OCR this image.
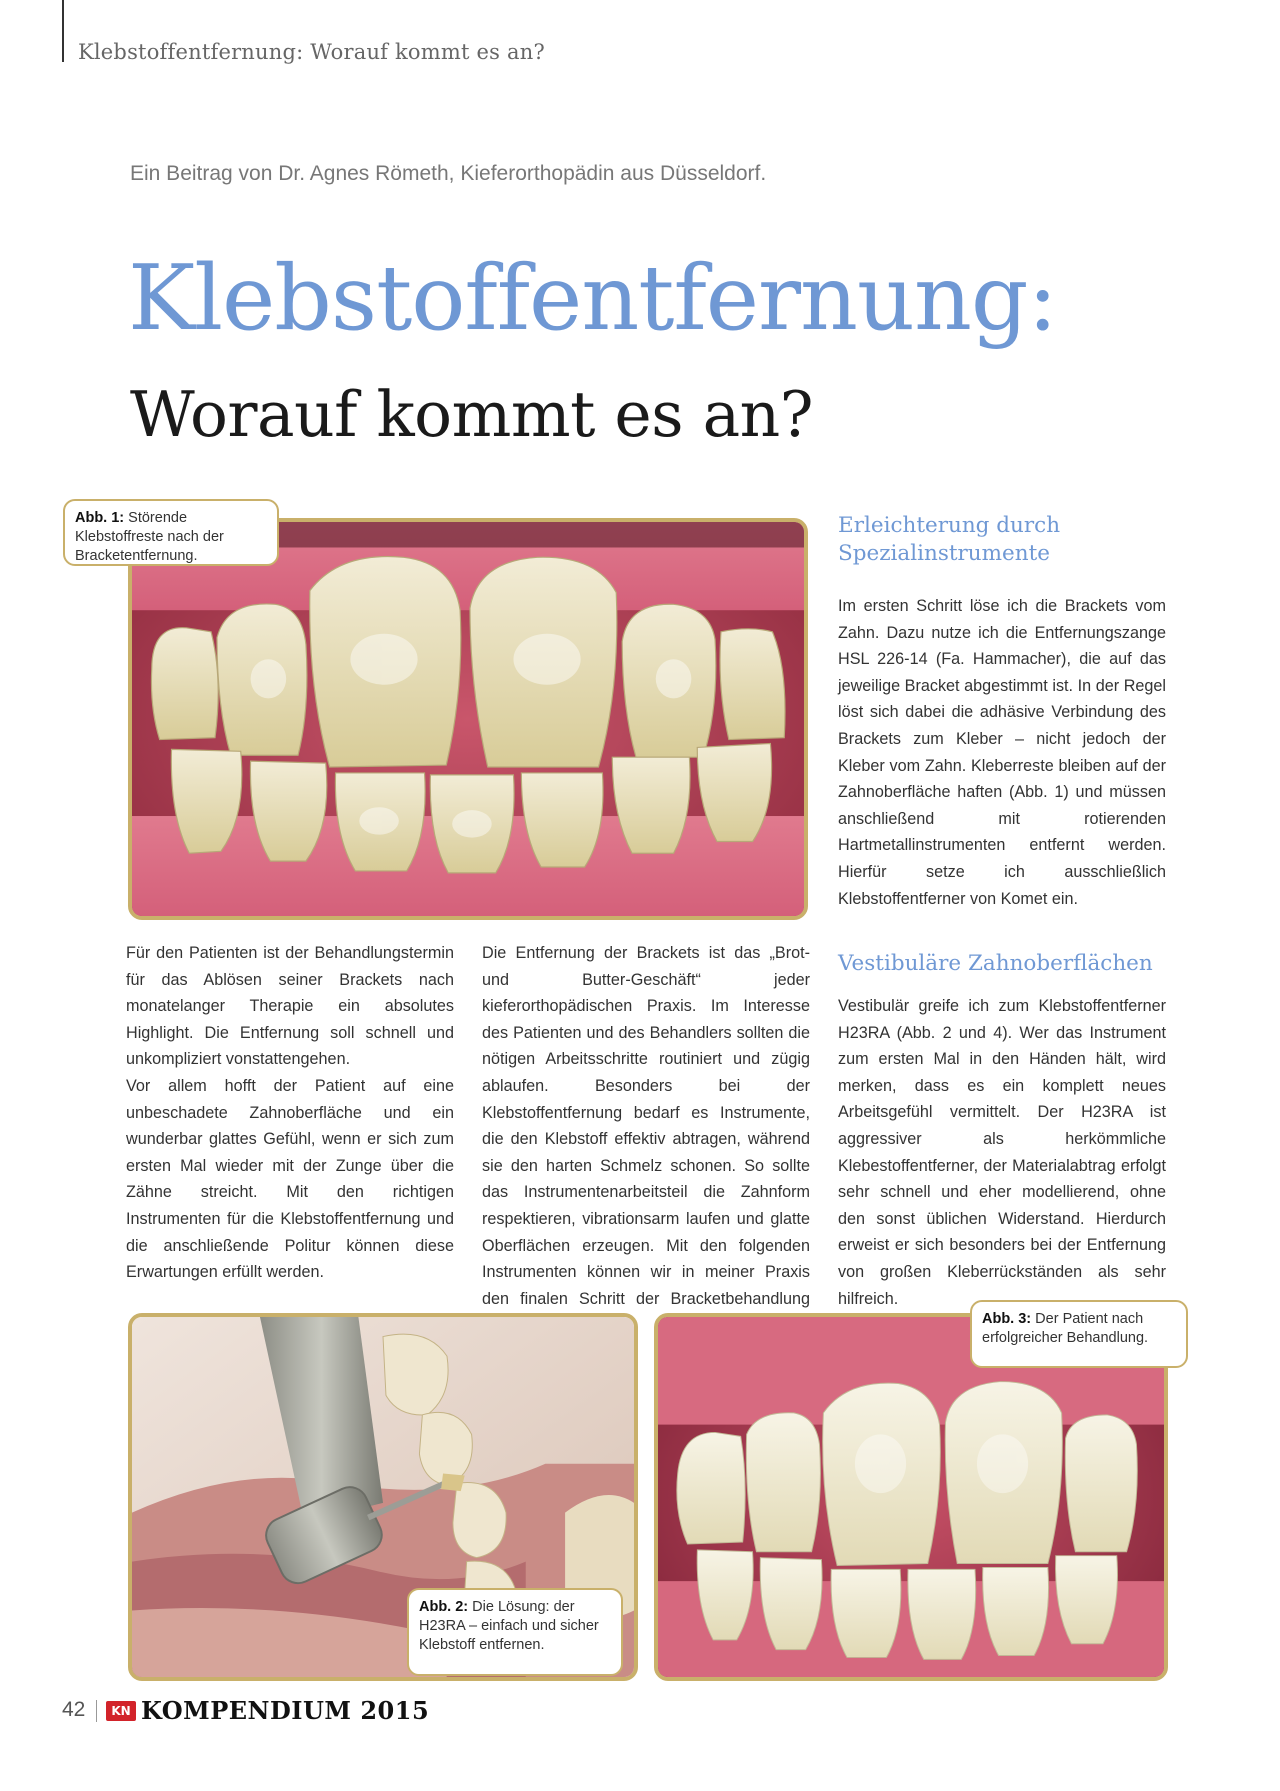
Klebstoffentfernung: Worauf kommt es an?
Ein Beitrag von Dr. Agnes Römeth, Kieferorthopädin aus Düsseldorf.
Klebstoffentfernung:
Worauf kommt es an?
Abb. 1: Störende Klebstoffreste nach der Bracketentfernung.
Erleichterung durch Spezialinstrumente

Im ersten Schritt löse ich die Brackets vom Zahn. Dazu nutze ich die Entfernungszange HSL 226-14 (Fa. Hammacher), die auf das jeweilige Bracket abgestimmt ist. In der Regel löst sich dabei die adhäsive Verbindung des Brackets zum Kleber – nicht jedoch der Kleber vom Zahn. Kleberreste bleiben auf der Zahnoberfläche haften (Abb. 1) und müssen anschließend mit rotierenden Hartmetallinstrumenten entfernt werden. Hierfür setze ich ausschließlich Klebstoffentferner von Komet ein.

Für den Patienten ist der Behandlungstermin für das Ablösen seiner Brackets nach monatelanger Therapie ein absolutes Highlight. Die Entfernung soll schnell und unkompliziert vonstattengehen.

Vor allem hofft der Patient auf eine unbeschadete Zahnoberfläche und ein wunderbar glattes Gefühl, wenn er sich zum ersten Mal wieder mit der Zunge über die Zähne streicht. Mit den richtigen Instrumenten für die Klebstoffentfernung und die anschließende Politur können diese Erwartungen erfüllt werden.

Die Entfernung der Brackets ist das „Brot- und Butter-Geschäft“ jeder kieferorthopädischen Praxis. Im Interesse des Patienten und des Behandlers sollten die nötigen Arbeitsschritte routiniert und zügig ablaufen. Besonders bei der Klebstoffentfernung bedarf es Instrumente, die den Klebstoff effektiv abtragen, während sie den harten Schmelz schonen. So sollte das Instrumentenarbeitsteil die Zahnform respektieren, vibrationsarm laufen und glatte Oberflächen erzeugen. Mit den folgenden Instrumenten können wir in meiner Praxis den finalen Schritt der Bracketbehandlung

Vestibuläre Zahnoberflächen

Vestibulär greife ich zum Klebstoffentferner H23RA (Abb. 2 und 4). Wer das Instrument zum ersten Mal in den Händen hält, wird merken, dass es ein komplett neues Arbeitsgefühl vermittelt. Der H23RA ist aggressiver als herkömmliche Klebestoffentferner, der Materialabtrag erfolgt sehr schnell und eher modellierend, ohne den sonst üblichen Widerstand. Hierdurch erweist er sich besonders bei der Entfernung von großen Kleberrückständen als sehr hilfreich.

Abb. 2: Die Lösung: der H23RA – einfach und sicher Klebstoff entfernen.
Abb. 3: Der Patient nach erfolgreicher Behandlung.
42	KN KOMPENDIUM 2015
